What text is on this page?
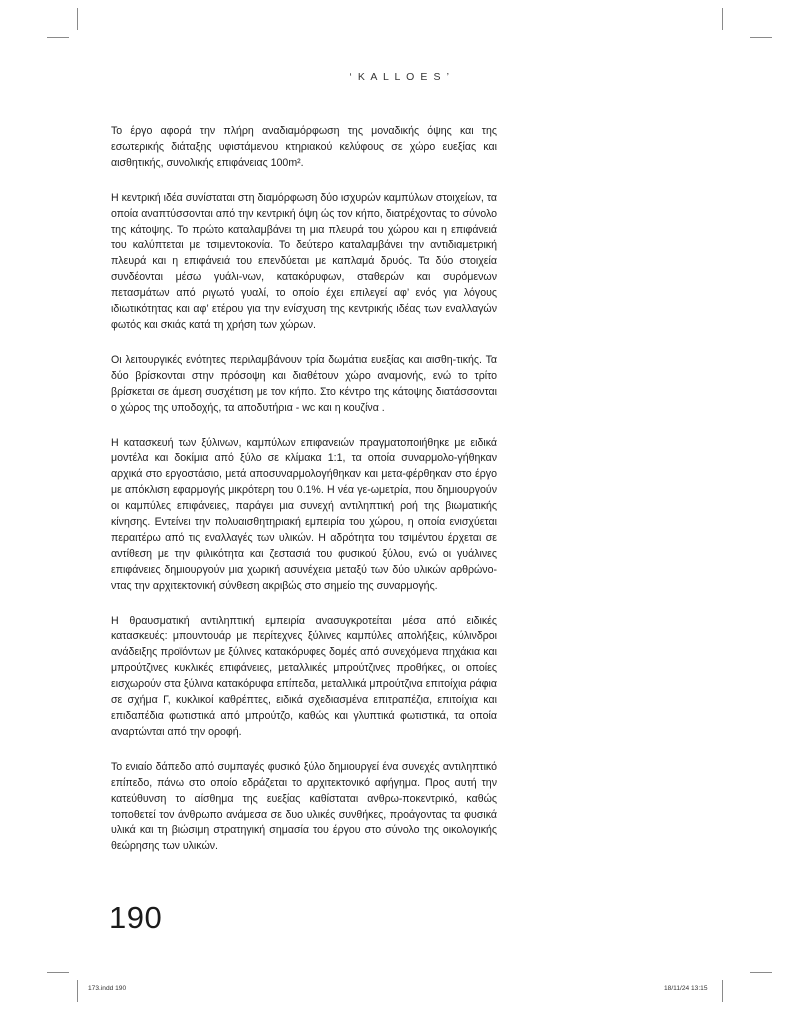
‘ K A L L O E S ’

Το έργο αφορά την πλήρη αναδιαμόρφωση της μοναδικής όψης και της εσωτερικής διάταξης υφιστάμενου κτηριακού κελύφους σε χώρο ευεξίας και αισθητικής, συνολικής επιφάνειας 100m².

Η κεντρική ιδέα συνίσταται στη διαμόρφωση δύο ισχυρών καμπύλων στοιχείων, τα οποία αναπτύσσονται από την κεντρική όψη ώς τον κήπο, διατρέχοντας το σύνολο της κάτοψης. Το πρώτο καταλαμβάνει τη μια πλευρά του χώρου και η επιφάνειά του καλύπτεται με τσιμεντοκονία. Το δεύτερο καταλαμβάνει την αντιδιαμετρική πλευρά και η επιφάνειά του επενδύεται με καπλαμά δρυός. Τα δύο στοιχεία συνδέονται μέσω γυάλι-νων, κατακόρυφων, σταθερών και συρόμενων πετασμάτων από ριγωτό γυαλί, το οποίο έχει επιλεγεί αφ’ ενός για λόγους ιδιωτικότητας και αφ’ ετέρου για την ενίσχυση της κεντρικής ιδέας των εναλλαγών φωτός και σκιάς κατά τη χρήση των χώρων.

Οι λειτουργικές ενότητες περιλαμβάνουν τρία δωμάτια ευεξίας και αισθη-τικής. Τα δύο βρίσκονται στην πρόσοψη και διαθέτουν χώρο αναμονής, ενώ το τρίτο βρίσκεται σε άμεση συσχέτιση με τον κήπο. Στο κέντρο της κάτοψης διατάσσονται ο χώρος της υποδοχής, τα αποδυτήρια - wc και η κουζίνα .

Η κατασκευή των ξύλινων, καμπύλων επιφανειών πραγματοποιήθηκε με ειδικά μοντέλα και δοκίμια από ξύλο σε κλίμακα 1:1, τα οποία συναρμολο-γήθηκαν αρχικά στο εργοστάσιο, μετά αποσυναρμολογήθηκαν και μετα-φέρθηκαν στο έργο με απόκλιση εφαρμογής μικρότερη του 0.1%. Η νέα γε-ωμετρία, που δημιουργούν οι καμπύλες επιφάνειες, παράγει μια συνεχή αντιληπτική ροή της βιωματικής κίνησης. Εντείνει την πολυαισθητηριακή εμπειρία του χώρου, η οποία ενισχύεται περαιτέρω από τις εναλλαγές των υλικών. Η αδρότητα του τσιμέντου έρχεται σε αντίθεση με την φιλικότητα και ζεστασιά του φυσικού ξύλου, ενώ οι γυάλινες επιφάνειες δημιουργούν μια χωρική ασυνέχεια μεταξύ των δύο υλικών αρθρώνο-ντας την αρχιτεκτονική σύνθεση ακριβώς στο σημείο της συναρμογής.

Η θραυσματική αντιληπτική εμπειρία ανασυγκροτείται μέσα από ειδικές κατασκευές: μπουντουάρ με περίτεχνες ξύλινες καμπύλες απολήξεις, κύλινδροι ανάδειξης προϊόντων με ξύλινες κατακόρυφες δομές από συνεχόμενα πηχάκια και μπρούτζινες κυκλικές επιφάνειες, μεταλλικές μπρούτζινες προθήκες, οι οποίες εισχωρούν στα ξύλινα κατακόρυφα επίπεδα, μεταλλικά μπρούτζινα επιτοίχια ράφια σε σχήμα Γ, κυκλικοί καθρέπτες, ειδικά σχεδιασμένα επιτραπέζια, επιτοίχια και επιδαπέδια φωτιστικά από μπρούτζο, καθώς και γλυπτικά φωτιστικά, τα οποία αναρτώνται από την οροφή.

Το ενιαίο δάπεδο από συμπαγές φυσικό ξύλο δημιουργεί ένα συνεχές αντιληπτικό επίπεδο, πάνω στο οποίο εδράζεται το αρχιτεκτονικό αφήγημα. Προς αυτή την κατεύθυνση το αίσθημα της ευεξίας καθίσταται ανθρω-ποκεντρικό, καθώς τοποθετεί τον άνθρωπο ανάμεσα σε δυο υλικές συνθήκες, προάγοντας τα φυσικά υλικά και τη βιώσιμη στρατηγική σημασία του έργου στο σύνολο της οικολογικής θεώρησης των υλικών.

190
173.indd 190	18/11/24 13:15
